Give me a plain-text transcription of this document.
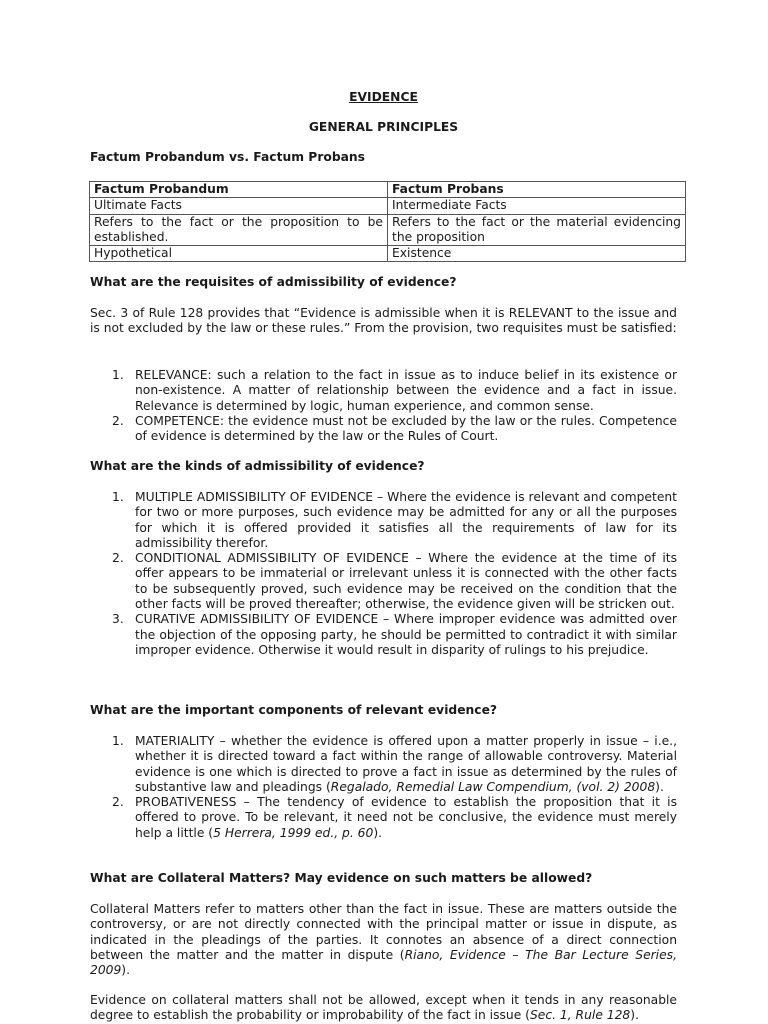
EVIDENCE
GENERAL PRINCIPLES
Factum Probandum vs. Factum Probans
Factum Probandum	Factum Probans
Ultimate Facts	Intermediate Facts
Refers to the fact or the proposition to be established.	Refers to the fact or the material evidencing the proposition
Hypothetical	Existence
What are the requisites of admissibility of evidence?
Sec. 3 of Rule 128 provides that “Evidence is admissible when it is RELEVANT to the issue and is not excluded by the law or these rules.” From the provision, two requisites must be satisfied:
1. RELEVANCE: such a relation to the fact in issue as to induce belief in its existence or non-existence. A matter of relationship between the evidence and a fact in issue. Relevance is determined by logic, human experience, and common sense.
2. COMPETENCE: the evidence must not be excluded by the law or the rules. Competence of evidence is determined by the law or the Rules of Court.
What are the kinds of admissibility of evidence?
1. MULTIPLE ADMISSIBILITY OF EVIDENCE – Where the evidence is relevant and competent for two or more purposes, such evidence may be admitted for any or all the purposes for which it is offered provided it satisfies all the requirements of law for its admissibility therefor.
2. CONDITIONAL ADMISSIBILITY OF EVIDENCE – Where the evidence at the time of its offer appears to be immaterial or irrelevant unless it is connected with the other facts to be subsequently proved, such evidence may be received on the condition that the other facts will be proved thereafter; otherwise, the evidence given will be stricken out.
3. CURATIVE ADMISSIBILITY OF EVIDENCE – Where improper evidence was admitted over the objection of the opposing party, he should be permitted to contradict it with similar improper evidence. Otherwise it would result in disparity of rulings to his prejudice.
What are the important components of relevant evidence?
1. MATERIALITY – whether the evidence is offered upon a matter properly in issue – i.e., whether it is directed toward a fact within the range of allowable controversy. Material evidence is one which is directed to prove a fact in issue as determined by the rules of substantive law and pleadings (Regalado, Remedial Law Compendium, (vol. 2) 2008).
2. PROBATIVENESS – The tendency of evidence to establish the proposition that it is offered to prove. To be relevant, it need not be conclusive, the evidence must merely help a little (5 Herrera, 1999 ed., p. 60).
What are Collateral Matters? May evidence on such matters be allowed?
Collateral Matters refer to matters other than the fact in issue. These are matters outside the controversy, or are not directly connected with the principal matter or issue in dispute, as indicated in the pleadings of the parties. It connotes an absence of a direct connection between the matter and the matter in dispute (Riano, Evidence – The Bar Lecture Series, 2009).
Evidence on collateral matters shall not be allowed, except when it tends in any reasonable degree to establish the probability or improbability of the fact in issue (Sec. 1, Rule 128).
